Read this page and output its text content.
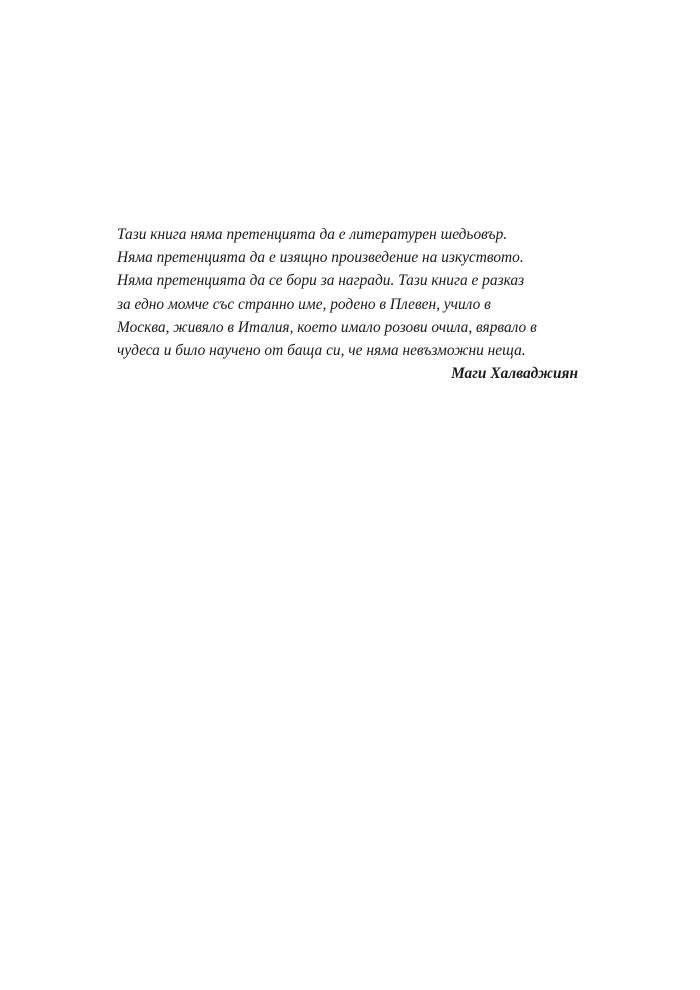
Тази книга няма претенцията да е литературен шедьовър.
Няма претенцията да е изящно произведение на изкуството.
Няма претенцията да се бори за награди. Тази книга е разказ
за едно момче със странно име, родено в Плевен, учило в
Москва, живяло в Италия, което имало розови очила, вярвало в
чудеса и било научено от баща си, че няма невъзможни неща.
Маги Халваджиян
